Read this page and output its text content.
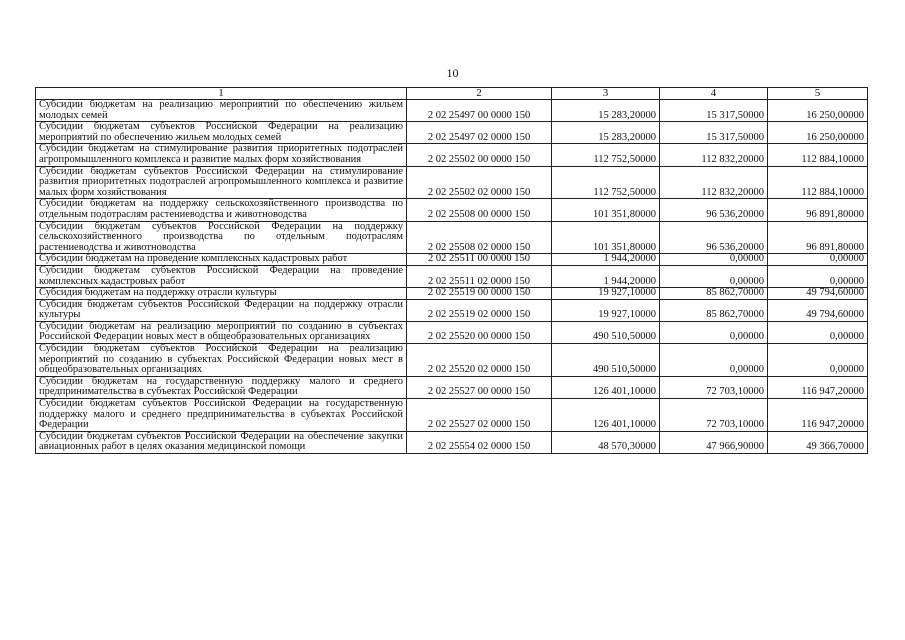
10
1	2	3	4	5
Субсидии бюджетам на реализацию мероприятий по обеспечению жильем молодых семей	2 02 25497 00 0000 150	15 283,20000	15 317,50000	16 250,00000
Субсидии бюджетам субъектов Российской Федерации на реализацию мероприятий по обеспечению жильем молодых семей	2 02 25497 02 0000 150	15 283,20000	15 317,50000	16 250,00000
Субсидии бюджетам на стимулирование развития приоритетных подотраслей агропромышленного комплекса и развитие малых форм хозяйствования	2 02 25502 00 0000 150	112 752,50000	112 832,20000	112 884,10000
Субсидии бюджетам субъектов Российской Федерации на стимулирование развития приоритетных подотраслей агропромышленного комплекса и развитие малых форм хозяйствования	2 02 25502 02 0000 150	112 752,50000	112 832,20000	112 884,10000
Субсидии бюджетам на поддержку сельскохозяйственного производства по отдельным подотраслям растениеводства и животноводства	2 02 25508 00 0000 150	101 351,80000	96 536,20000	96 891,80000
Субсидии бюджетам субъектов Российской Федерации на поддержку сельскохозяйственного производства по отдельным подотраслям растениеводства и животноводства	2 02 25508 02 0000 150	101 351,80000	96 536,20000	96 891,80000
Субсидии бюджетам на проведение комплексных кадастровых работ	2 02 25511 00 0000 150	1 944,20000	0,00000	0,00000
Субсидии бюджетам субъектов Российской Федерации на проведение комплексных кадастровых работ	2 02 25511 02 0000 150	1 944,20000	0,00000	0,00000
Субсидия бюджетам на поддержку отрасли культуры	2 02 25519 00 0000 150	19 927,10000	85 862,70000	49 794,60000
Субсидия бюджетам субъектов Российской Федерации на поддержку отрасли культуры	2 02 25519 02 0000 150	19 927,10000	85 862,70000	49 794,60000
Субсидии бюджетам на реализацию мероприятий по созданию в субъектах Российской Федерации новых мест в общеобразовательных организациях	2 02 25520 00 0000 150	490 510,50000	0,00000	0,00000
Субсидии бюджетам субъектов Российской Федерации на реализацию мероприятий по созданию в субъектах Российской Федерации новых мест в общеобразовательных организациях	2 02 25520 02 0000 150	490 510,50000	0,00000	0,00000
Субсидии бюджетам на государственную поддержку малого и среднего предпринимательства в субъектах Российской Федерации	2 02 25527 00 0000 150	126 401,10000	72 703,10000	116 947,20000
Субсидии бюджетам субъектов Российской Федерации на государственную поддержку малого и среднего предпринимательства в субъектах Российской Федерации	2 02 25527 02 0000 150	126 401,10000	72 703,10000	116 947,20000
Субсидии бюджетам субъектов Российской Федерации на обеспечение закупки авиационных работ в целях оказания медицинской помощи	2 02 25554 02 0000 150	48 570,30000	47 966,90000	49 366,70000
